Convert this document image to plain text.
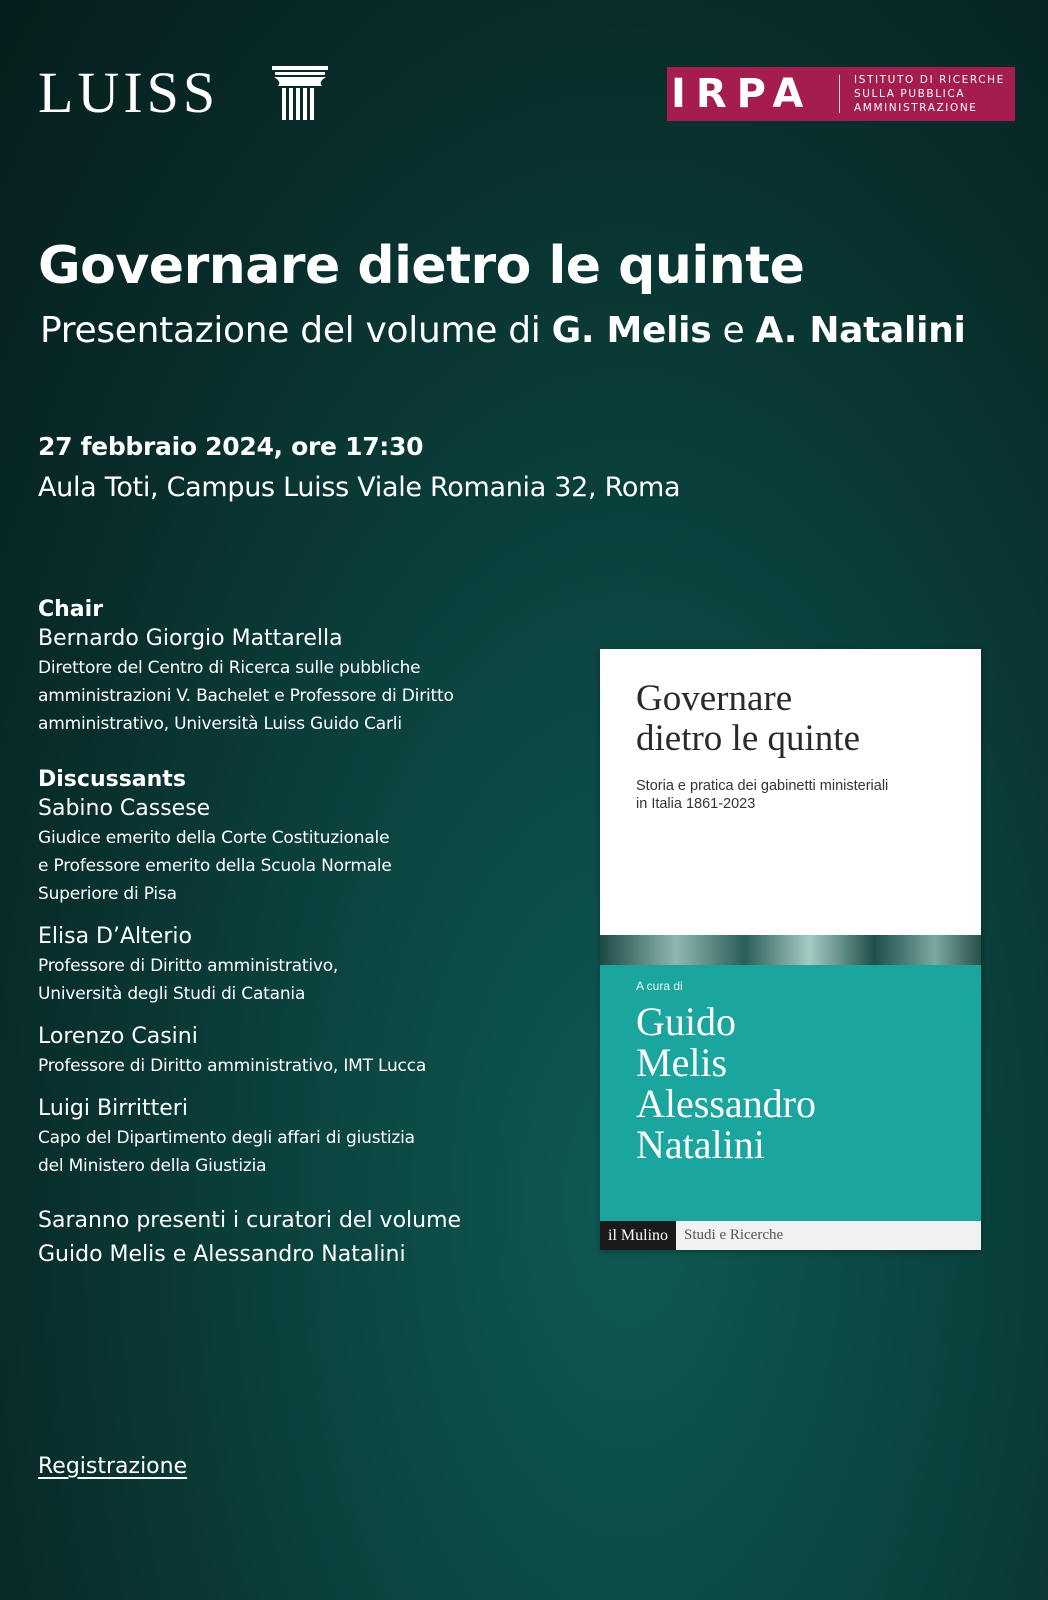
LUISS	IRPA	ISTITUTO DI RICERCHE
SULLA PUBBLICA
AMMINISTRAZIONE
Governare dietro le quinte
Presentazione del volume di G. Melis e A. Natalini
27 febbraio 2024, ore 17:30
Aula Toti, Campus Luiss Viale Romania 32, Roma
Chair
Bernardo Giorgio Mattarella
Direttore del Centro di Ricerca sulle pubbliche
amministrazioni V. Bachelet e Professore di Diritto
amministrativo, Università Luiss Guido Carli
Discussants
Sabino Cassese
Giudice emerito della Corte Costituzionale
e Professore emerito della Scuola Normale
Superiore di Pisa
Elisa D’Alterio
Professore di Diritto amministrativo,
Università degli Studi di Catania
Lorenzo Casini
Professore di Diritto amministrativo, IMT Lucca
Luigi Birritteri
Capo del Dipartimento degli affari di giustizia
del Ministero della Giustizia
Saranno presenti i curatori del volume
Guido Melis e Alessandro Natalini
Registrazione
Governare
dietro le quinte
Storia e pratica dei gabinetti ministeriali
in Italia 1861-2023
A cura di
Guido
Melis
Alessandro
Natalini
il Mulino	Studi e Ricerche
